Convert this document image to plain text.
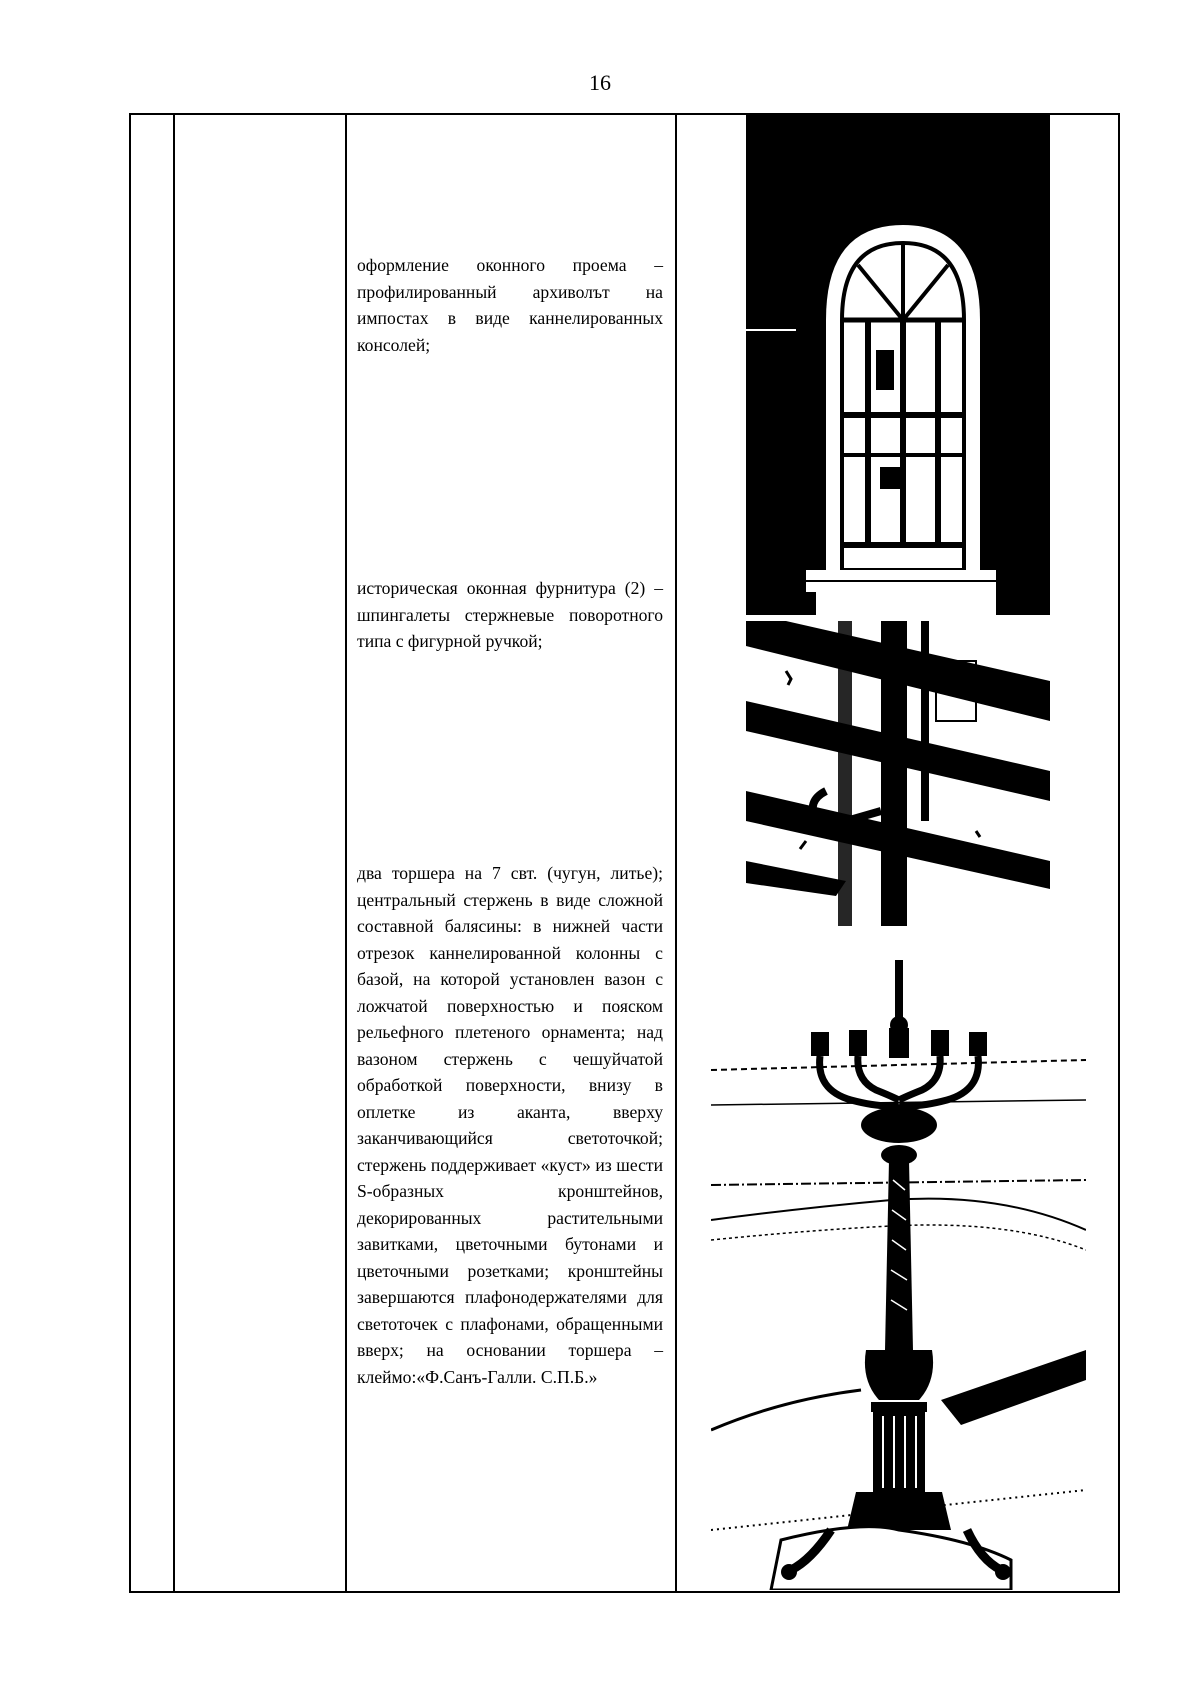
16
оформление оконного проема – профилированный архиволът на импостах в виде каннелированных консолей;
историческая оконная фурнитура (2) – шпингалеты стержневые поворотного типа с фигурной ручкой;
два торшера на 7 свт. (чугун, литье); центральный стержень в виде сложной составной балясины: в нижней части отрезок каннелированной колонны с базой, на которой установлен вазон с ложчатой поверхностью и пояском рельефного плетеного орнамента; над вазоном стержень с чешуйчатой обработкой поверхности, внизу в оплетке из аканта, вверху заканчивающийся светоточкой; стержень поддерживает «куст» из шести S-образных кронштейнов, декорированных растительными завитками, цветочными бутонами и цветочными розетками; кронштейны завершаются плафонодержателями для светоточек с плафонами, обращенными вверх; на основании торшера – клеймо:«Ф.Санъ-Галли. С.П.Б.»
